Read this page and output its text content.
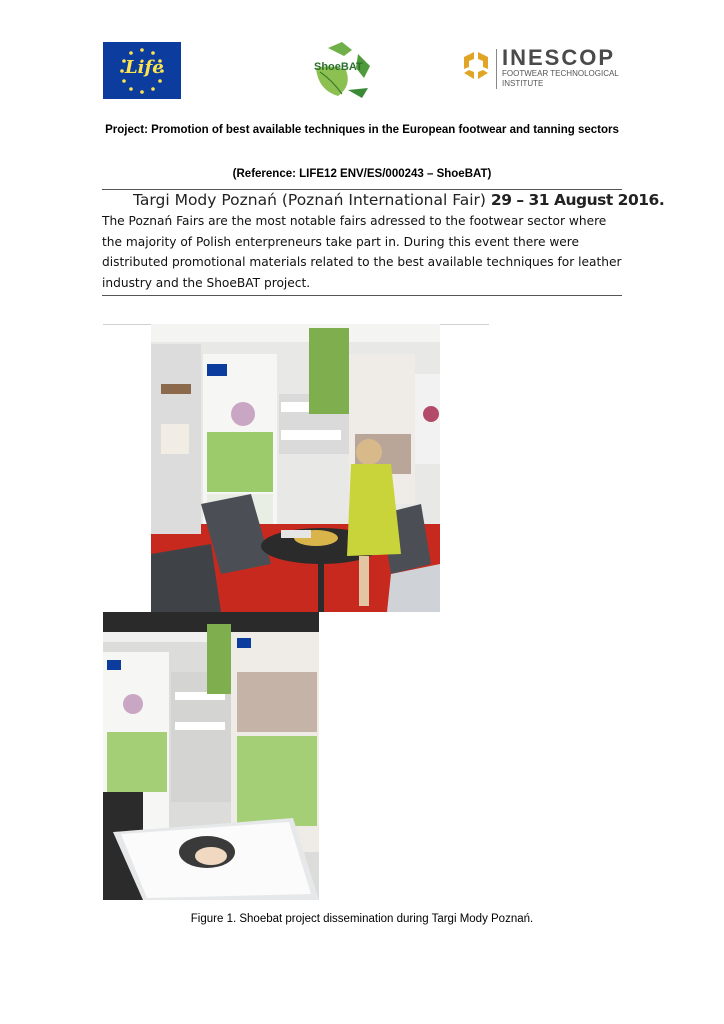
Life	ShoeBAT	INESCOP
FOOTWEAR TECHNOLOGICAL
INSTITUTE
Project: Promotion of best available techniques in the European footwear and tanning sectors
(Reference: LIFE12 ENV/ES/000243 – ShoeBAT)
Targi Mody Poznań (Poznań International Fair) 29 – 31 August 2016.
The Poznań Fairs are the most notable fairs adressed to the footwear sector where the majority of Polish enterpreneurs take part in. During this event there were distributed promotional materials related to the best available techniques for leather industry and the ShoeBAT project.
Figure 1. Shoebat project dissemination during Targi Mody Poznań.
